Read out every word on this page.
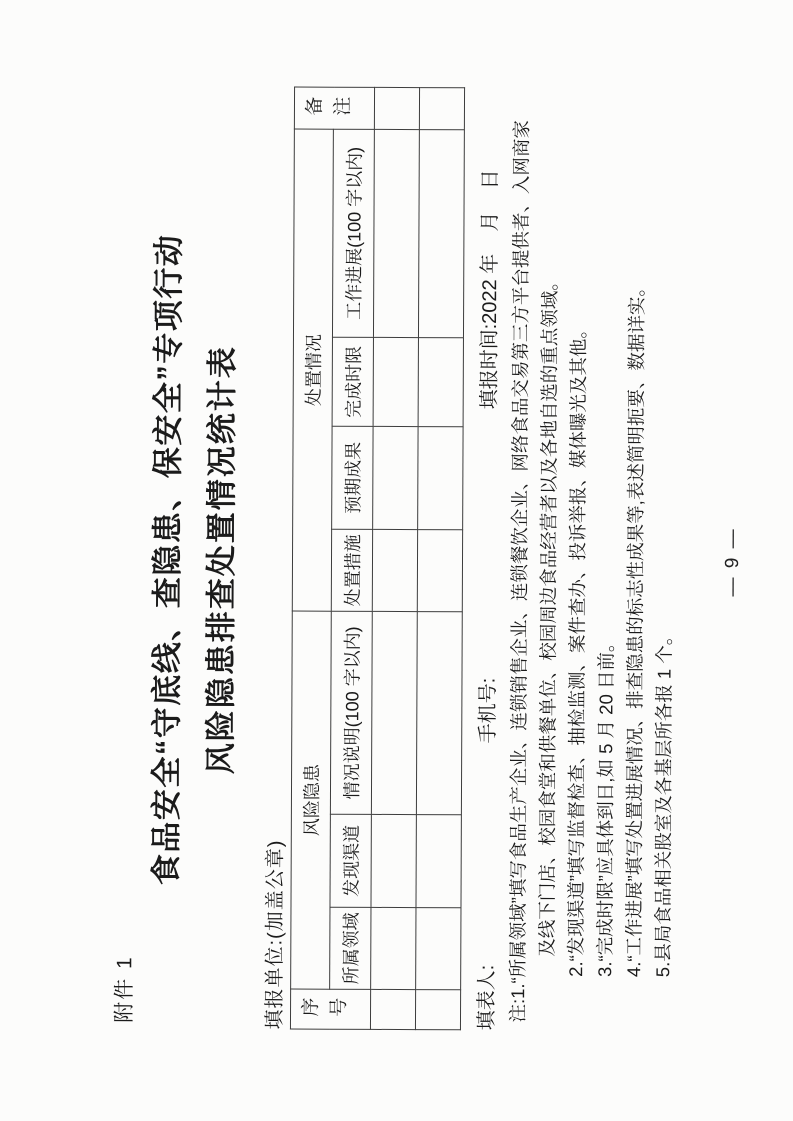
附件 1
食品安全“守底线、查隐患、保安全”专项行动 风险隐患排查处置情况统计表
填报单位:(加盖公章) 序号	风险隐患			处置情况				备注
	所属领域	发现渠道	情况说明(100 字以内)	处置措施	预期成果	完成时限	工作进展(100 字以内)	

填表人:
手机号:
填报时间:2022 年    月    日 注:1.“所属领域”填写食品生产企业、连锁销售企业、连锁餐饮企业、网络食品交易第三方平台提供者、入网商家 及线下门店、校园食堂和供餐单位、校园周边食品经营者以及各地自选的重点领域。 2.“发现渠道”填写监督检查、抽检监测、案件查办、投诉举报、媒体曝光及其他。 3.“完成时限”应具体到日,如 5 月 20 日前。 4.“工作进展”填写处置进展情况、排查隐患的标志性成果等,表述简明扼要、数据详实。 5.县局食品相关股室及各基层所各报 1 个。
— 9 —
